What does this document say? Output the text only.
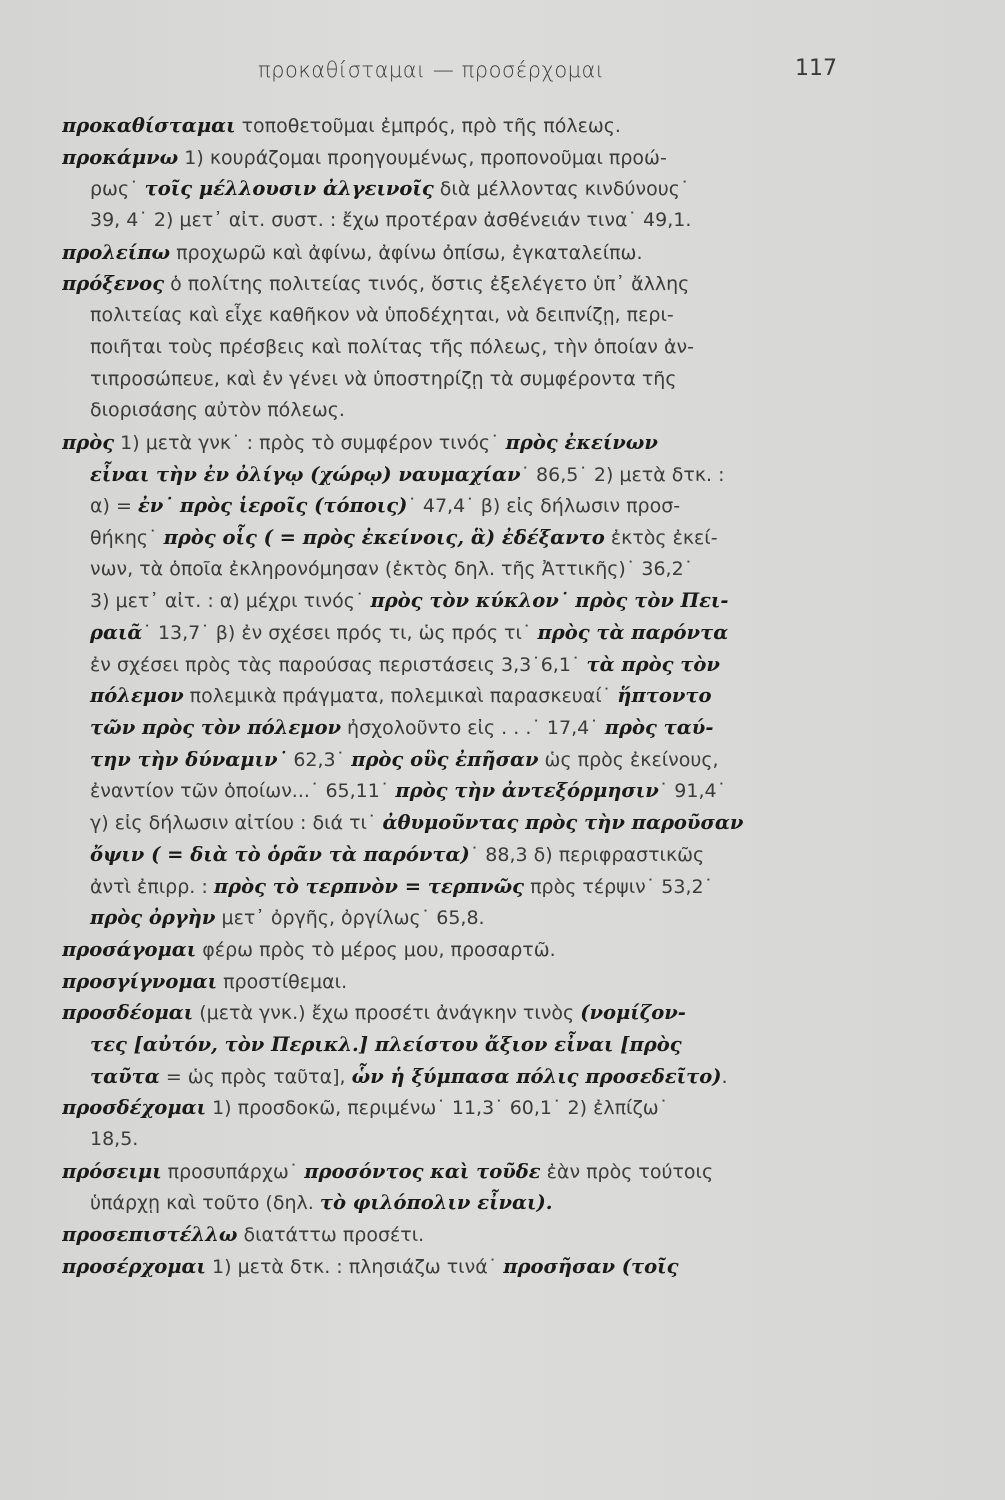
προκαθίσταμαι — προσέρχομαι	117
προκαθίσταμαι τοποθετοῦμαι ἐμπρός, πρὸ τῆς πόλεως.
προκάμνω 1) κουράζομαι προηγουμένως, προπονοῦμαι προώ-
ρως˙ τοῖς μέλλουσιν ἀλγεινοῖς διὰ μέλλοντας κινδύνους˙
39, 4˙ 2) μετ᾿ αἰτ. συστ. : ἔχω προτέραν ἀσθένειάν τινα˙ 49,1.
προλείπω προχωρῶ καὶ ἀφίνω, ἀφίνω ὀπίσω, ἐγκαταλείπω.
πρόξενος ὁ πολίτης πολιτείας τινός, ὅστις ἐξελέγετο ὑπ᾿ ἄλλης
πολιτείας καὶ εἶχε καθῆκον νὰ ὑποδέχηται, νὰ δειπνίζῃ, περι-
ποιῆται τοὺς πρέσβεις καὶ πολίτας τῆς πόλεως, τὴν ὁποίαν ἀν-
τιπροσώπευε, καὶ ἐν γένει νὰ ὑποστηρίζῃ τὰ συμφέροντα τῆς
διορισάσης αὐτὸν πόλεως.
πρὸς 1) μετὰ γνκ˙ : πρὸς τὸ συμφέρον τινός˙ πρὸς ἐκείνων
εἶναι τὴν ἐν ὀλίγῳ (χώρῳ) ναυμαχίαν˙ 86,5˙ 2) μετὰ δτκ. :
α) = ἐν˙ πρὸς ἱεροῖς (τόποις)˙ 47,4˙ β) εἰς δήλωσιν προσ-
θήκης˙ πρὸς οἷς ( = πρὸς ἐκείνοις, ἃ) ἐδέξαντο ἐκτὸς ἐκεί-
νων, τὰ ὁποῖα ἐκληρονόμησαν (ἐκτὸς δηλ. τῆς Ἀττικῆς)˙ 36,2˙
3) μετ᾿ αἰτ. : α) μέχρι τινός˙ πρὸς τὸν κύκλον˙ πρὸς τὸν Πει-
ραιᾶ˙ 13,7˙ β) ἐν σχέσει πρός τι, ὡς πρός τι˙ πρὸς τὰ παρόντα
ἐν σχέσει πρὸς τὰς παρούσας περιστάσεις 3,3˙6,1˙ τὰ πρὸς τὸν
πόλεμον πολεμικὰ πράγματα, πολεμικαὶ παρασκευαί˙ ἥπτοντο
τῶν πρὸς τὸν πόλεμον ἠσχολοῦντο εἰς . . .˙ 17,4˙ πρὸς ταύ-
την τὴν δύναμιν˙ 62,3˙ πρὸς οὓς ἐπῆσαν ὡς πρὸς ἐκείνους,
ἐναντίον τῶν ὁποίων...˙ 65,11˙ πρὸς τὴν ἀντεξόρμησιν˙ 91,4˙
γ) εἰς δήλωσιν αἰτίου : διά τι˙ ἀθυμοῦντας πρὸς τὴν παροῦσαν
ὄψιν ( = διὰ τὸ ὁρᾶν τὰ παρόντα)˙ 88,3 δ) περιφραστικῶς
ἀντὶ ἐπιρρ. : πρὸς τὸ τερπνὸν = τερπνῶς πρὸς τέρψιν˙ 53,2˙
πρὸς ὀργὴν μετ᾿ ὀργῆς, ὀργίλως˙ 65,8.
προσάγομαι φέρω πρὸς τὸ μέρος μου, προσαρτῶ.
προσγίγνομαι προστίθεμαι.
προσδέομαι (μετὰ γνκ.) ἔχω προσέτι ἀνάγκην τινὸς (νομίζον-
τες [αὐτόν, τὸν Περικλ.] πλείστου ἄξιον εἶναι [πρὸς
ταῦτα = ὡς πρὸς ταῦτα], ὧν ἡ ξύμπασα πόλις προσεδεῖτο).
προσδέχομαι 1) προσδοκῶ, περιμένω˙ 11,3˙ 60,1˙ 2) ἐλπίζω˙
18,5.
πρόσειμι προσυπάρχω˙ προσόντος καὶ τοῦδε ἐὰν πρὸς τούτοις
ὑπάρχῃ καὶ τοῦτο (δηλ. τὸ φιλόπολιν εἶναι).
προσεπιστέλλω διατάττω προσέτι.
προσέρχομαι 1) μετὰ δτκ. : πλησιάζω τινά˙ προσῆσαν (τοῖς
